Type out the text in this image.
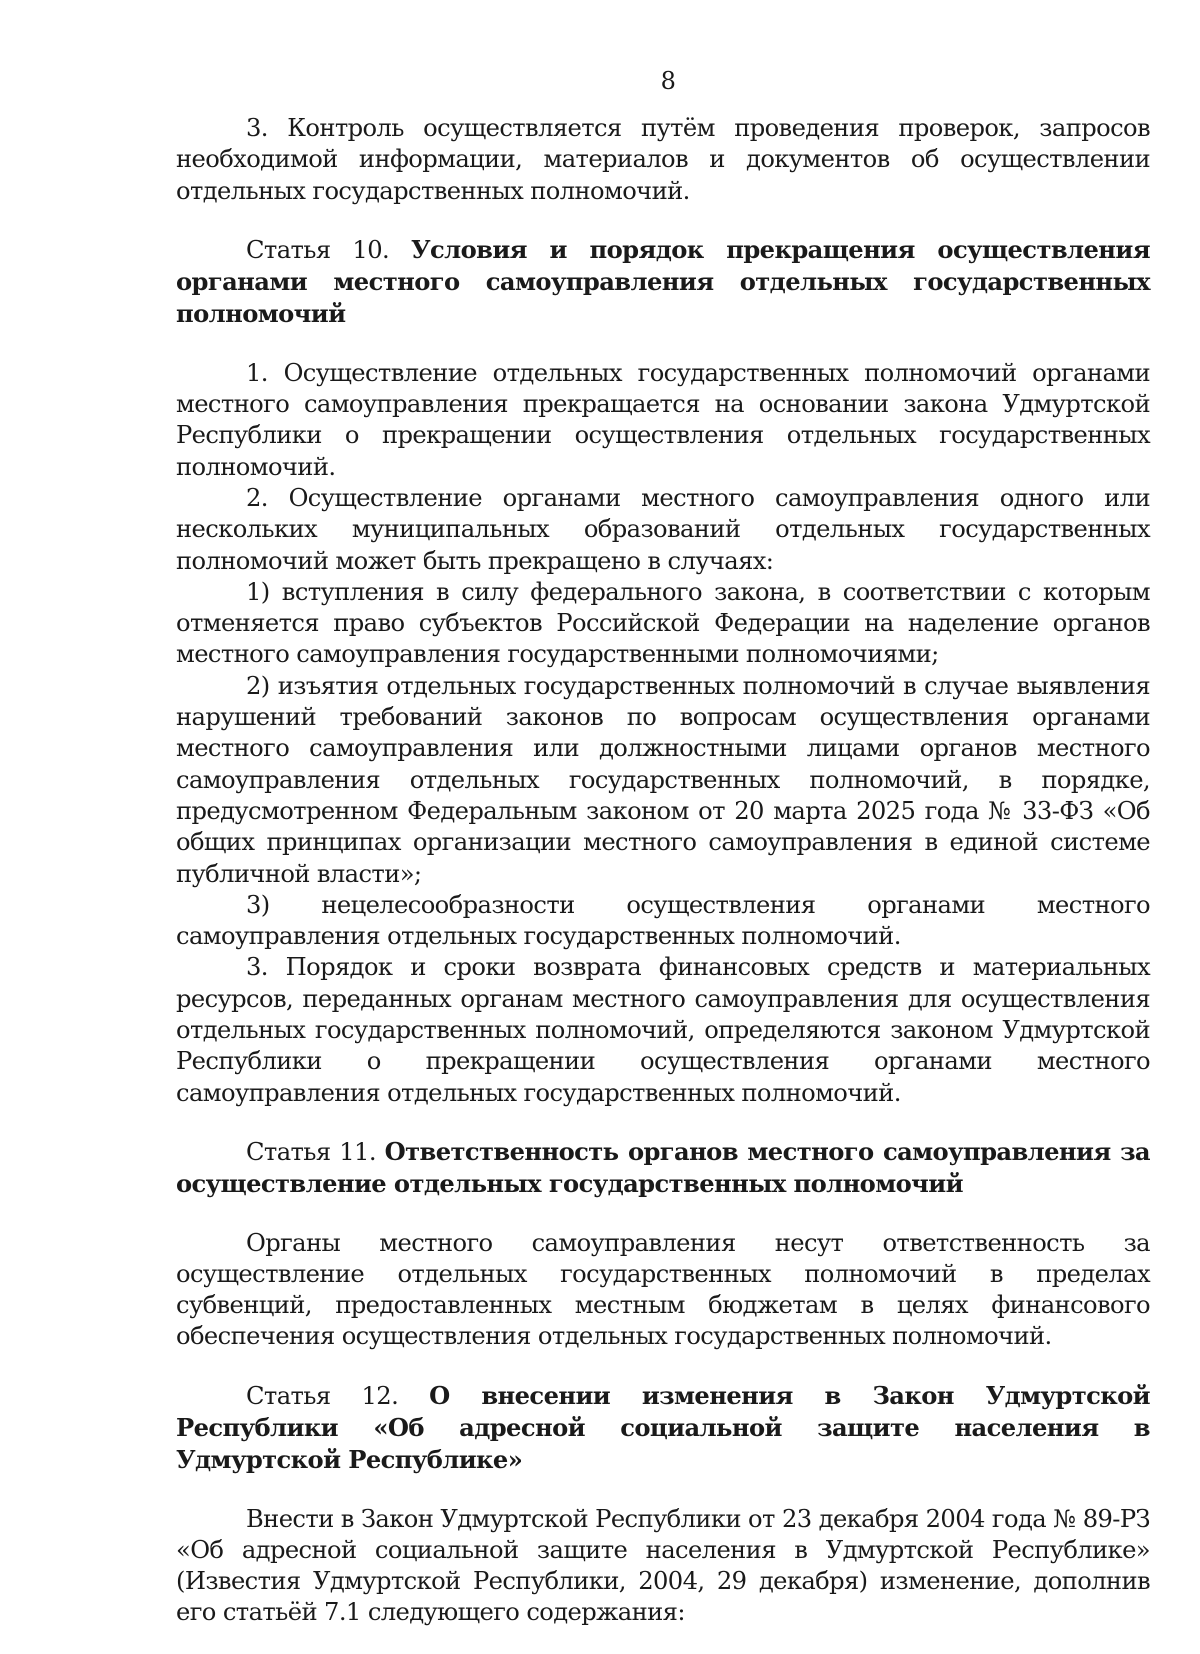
8

3. Контроль осуществляется путём проведения проверок, запросов необходимой информации, материалов и документов об осуществлении отдельных государственных полномочий.

Статья 10. Условия и порядок прекращения осуществления органами местного самоуправления отдельных государственных полномочий

1. Осуществление отдельных государственных полномочий органами местного самоуправления прекращается на основании закона Удмуртской Республики о прекращении осуществления отдельных государственных полномочий.

2. Осуществление органами местного самоуправления одного или нескольких муниципальных образований отдельных государственных полномочий может быть прекращено в случаях:

1) вступления в силу федерального закона, в соответствии с которым отменяется право субъектов Российской Федерации на наделение органов местного самоуправления государственными полномочиями;

2) изъятия отдельных государственных полномочий в случае выявления нарушений требований законов по вопросам осуществления органами местного самоуправления или должностными лицами органов местного самоуправления отдельных государственных полномочий, в порядке, предусмотренном Федеральным законом от 20 марта 2025 года № 33-ФЗ «Об общих принципах организации местного самоуправления в единой системе публичной власти»;

3) нецелесообразности осуществления органами местного самоуправления отдельных государственных полномочий.

3. Порядок и сроки возврата финансовых средств и материальных ресурсов, переданных органам местного самоуправления для осуществления отдельных государственных полномочий, определяются законом Удмуртской Республики о прекращении осуществления органами местного самоуправления отдельных государственных полномочий.

Статья 11. Ответственность органов местного самоуправления за осуществление отдельных государственных полномочий

Органы местного самоуправления несут ответственность за осуществление отдельных государственных полномочий в пределах субвенций, предоставленных местным бюджетам в целях финансового обеспечения осуществления отдельных государственных полномочий.

Статья 12. О внесении изменения в Закон Удмуртской Республики «Об адресной социальной защите населения в Удмуртской Республике»

Внести в Закон Удмуртской Республики от 23 декабря 2004 года № 89-РЗ «Об адресной социальной защите населения в Удмуртской Республике» (Известия Удмуртской Республики, 2004, 29 декабря) изменение, дополнив его статьёй 7.1 следующего содержания:
